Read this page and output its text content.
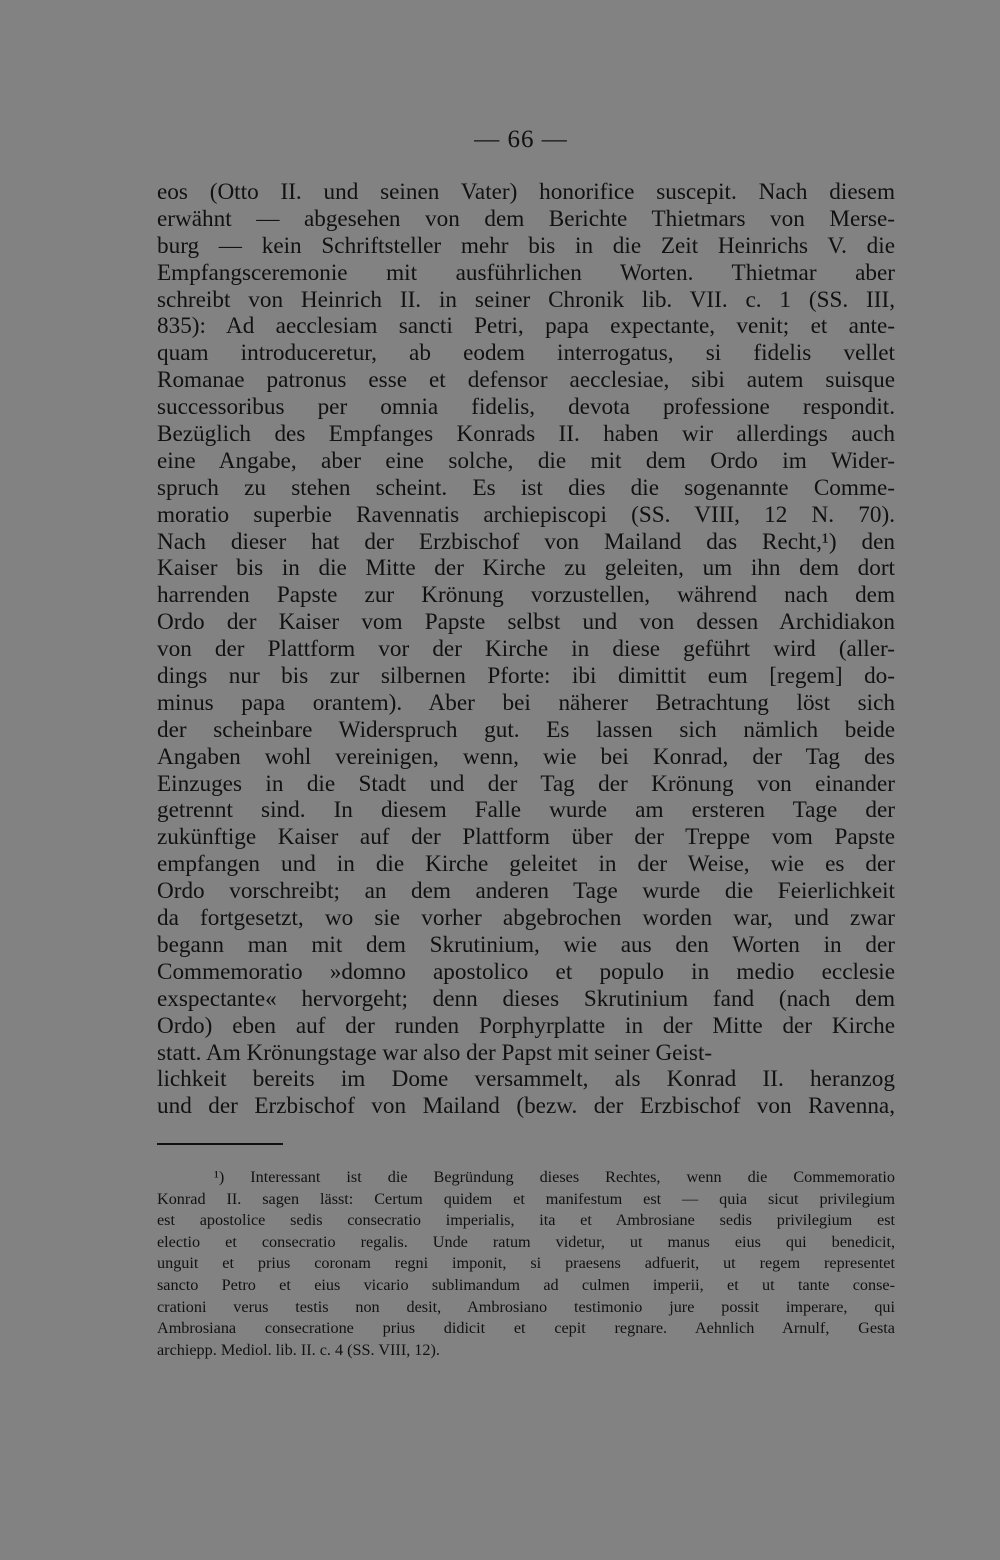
— 66 —
eos (Otto II. und seinen Vater) honorifice suscepit. Nach diesem
erwähnt — abgesehen von dem Berichte Thietmars von Merse-
burg — kein Schriftsteller mehr bis in die Zeit Heinrichs V. die
Empfangsceremonie mit ausführlichen Worten. Thietmar aber
schreibt von Heinrich II. in seiner Chronik lib. VII. c. 1 (SS. III,
835): Ad aecclesiam sancti Petri, papa expectante, venit; et ante-
quam introduceretur, ab eodem interrogatus, si fidelis vellet
Romanae patronus esse et defensor aecclesiae, sibi autem suisque
successoribus per omnia fidelis, devota professione respondit.
Bezüglich des Empfanges Konrads II. haben wir allerdings auch
eine Angabe, aber eine solche, die mit dem Ordo im Wider-
spruch zu stehen scheint. Es ist dies die sogenannte Comme-
moratio superbie Ravennatis archiepiscopi (SS. VIII, 12 N. 70).
Nach dieser hat der Erzbischof von Mailand das Recht,¹) den
Kaiser bis in die Mitte der Kirche zu geleiten, um ihn dem dort
harrenden Papste zur Krönung vorzustellen, während nach dem
Ordo der Kaiser vom Papste selbst und von dessen Archidiakon
von der Plattform vor der Kirche in diese geführt wird (aller-
dings nur bis zur silbernen Pforte: ibi dimittit eum [regem] do-
minus papa orantem). Aber bei näherer Betrachtung löst sich
der scheinbare Widerspruch gut. Es lassen sich nämlich beide
Angaben wohl vereinigen, wenn, wie bei Konrad, der Tag des
Einzuges in die Stadt und der Tag der Krönung von einander
getrennt sind. In diesem Falle wurde am ersteren Tage der
zukünftige Kaiser auf der Plattform über der Treppe vom Papste
empfangen und in die Kirche geleitet in der Weise, wie es der
Ordo vorschreibt; an dem anderen Tage wurde die Feierlichkeit
da fortgesetzt, wo sie vorher abgebrochen worden war, und zwar
begann man mit dem Skrutinium, wie aus den Worten in der
Commemoratio »domno apostolico et populo in medio ecclesie
exspectante« hervorgeht; denn dieses Skrutinium fand (nach dem
Ordo) eben auf der runden Porphyrplatte in der Mitte der Kirche
statt. Am Krönungstage war also der Papst mit seiner Geist-
lichkeit bereits im Dome versammelt, als Konrad II. heranzog
und der Erzbischof von Mailand (bezw. der Erzbischof von Ravenna,
¹) Interessant ist die Begründung dieses Rechtes, wenn die Commemoratio
Konrad II. sagen lässt: Certum quidem et manifestum est — quia sicut privilegium
est apostolice sedis consecratio imperialis, ita et Ambrosiane sedis privilegium est
electio et consecratio regalis. Unde ratum videtur, ut manus eius qui benedicit,
unguit et prius coronam regni imponit, si praesens adfuerit, ut regem representet
sancto Petro et eius vicario sublimandum ad culmen imperii, et ut tante conse-
crationi verus testis non desit, Ambrosiano testimonio jure possit imperare, qui
Ambrosiana consecratione prius didicit et cepit regnare. Aehnlich Arnulf, Gesta
archiepp. Mediol. lib. II. c. 4 (SS. VIII, 12).
